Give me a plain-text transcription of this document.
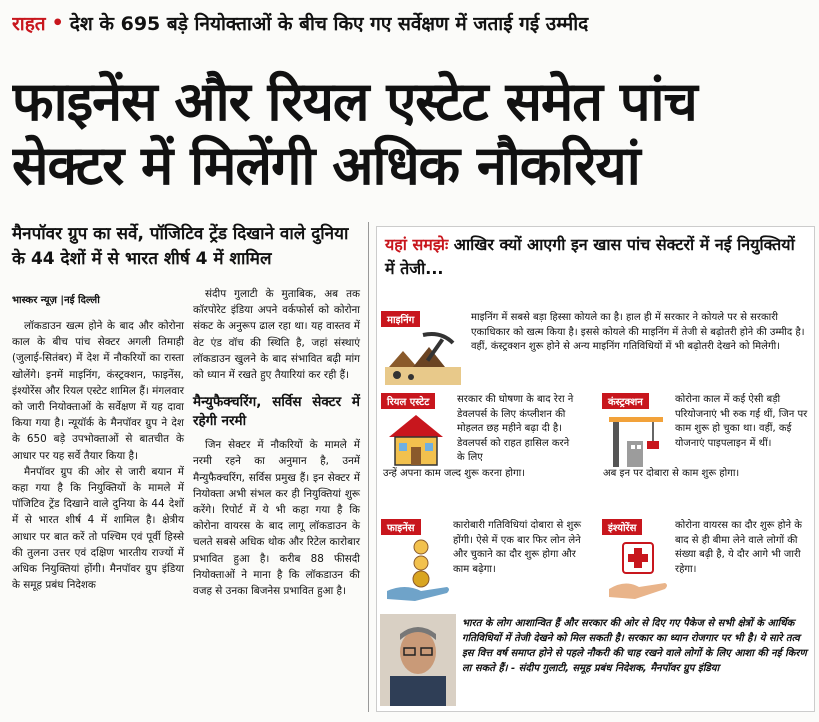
राहत • देश के 695 बड़े नियोक्ताओं के बीच किए गए सर्वेक्षण में जताई गई उम्मीद
फाइनेंस और रियल एस्टेट समेत पांच
सेक्टर में मिलेंगी अधिक नौकरियां
मैनपॉवर ग्रुप का सर्वे, पॉजिटिव ट्रेंड दिखाने वाले दुनिया के 44 देशों में से भारत शीर्ष 4 में शामिल
भास्कर न्यूज़ |नई दिल्ली

लॉकडाउन खत्म होने के बाद और कोरोना काल के बीच पांच सेक्टर अगली तिमाही (जुलाई-सितंबर) में देश में नौकरियों का रास्ता खोलेंगे। इनमें माइनिंग, कंस्ट्रक्शन, फाइनेंस, इंश्योरेंस और रियल एस्टेट शामिल हैं। मंगलवार को जारी नियोक्ताओं के सर्वेक्षण में यह दावा किया गया है। न्यूयॉर्क के मैनपॉवर ग्रुप ने देश के 650 बड़े उपभोक्ताओं से बातचीत के आधार पर यह सर्वे तैयार किया है।

मैनपॉवर ग्रुप की ओर से जारी बयान में कहा गया है कि नियुक्तियों के मामले में पॉजिटिव ट्रेंड दिखाने वाले दुनिया के 44 देशों में से भारत शीर्ष 4 में शामिल है। क्षेत्रीय आधार पर बात करें तो पश्चिम एवं पूर्वी हिस्से की तुलना उत्तर एवं दक्षिण भारतीय राज्यों में अधिक नियुक्तियां होंगी। मैनपॉवर ग्रुप इंडिया के समूह प्रबंध निदेशक

संदीप गुलाटी के मुताबिक, अब तक कॉरपोरेट इंडिया अपने वर्कफोर्स को कोरोना संकट के अनुरूप ढाल रहा था। यह वास्तव में वेट एंड वॉच की स्थिति है, जहां संस्थाएं लॉकडाउन खुलने के बाद संभावित बढ़ी मांग को ध्यान में रखते हुए तैयारियां कर रही हैं।

मैन्युफैक्चरिंग, सर्विस सेक्टर में रहेगी नरमी

जिन सेक्टर में नौकरियों के मामले में नरमी रहने का अनुमान है, उनमें मैन्युफैक्चरिंग, सर्विस प्रमुख हैं। इन सेक्टर में नियोक्ता अभी संभल कर ही नियुक्तियां शुरू करेंगे। रिपोर्ट में ये भी कहा गया है कि कोरोना वायरस के बाद लागू लॉकडाउन के चलते सबसे अधिक थोक और रिटेल कारोबार प्रभावित हुआ है। करीब 88 फीसदी नियोक्ताओं ने माना है कि लॉकडाउन की वजह से उनका बिजनेस प्रभावित हुआ है।

यहां समझेः आखिर क्यों आएगी इन खास पांच सेक्टरों में नई नियुक्तियों में तेजी...
माइनिंग	माइनिंग में सबसे बड़ा हिस्सा कोयले का है। हाल ही में सरकार ने कोयले पर से सरकारी एकाधिकार को खत्म किया है। इससे कोयले की माइनिंग में तेजी से बढ़ोतरी होने की उम्मीद है। वहीं, कंस्ट्रक्शन शुरू होने से अन्य माइनिंग गतिविधियों में भी बढ़ोतरी देखने को मिलेगी।
रियल एस्टेट	सरकार की घोषणा के बाद रेरा ने डेवलपर्स के लिए कंप्लीशन की मोहलत छह महीने बढ़ा दी है। डेवलपर्स को राहत हासिल करने के लिए
उन्हें अपना काम जल्द शुरू करना होगा।
कंस्ट्रक्शन	कोरोना काल में कई ऐसी बड़ी परियोजनाएं भी रुक गई थीं, जिन पर काम शुरू हो चुका था। वहीं, कई योजनाएं पाइपलाइन में थीं।
अब इन पर दोबारा से काम शुरू होगा।
फाइनेंस	कारोबारी गतिविधियां दोबारा से शुरू होंगी। ऐसे में एक बार फिर लोन लेने और चुकाने का दौर शुरू होगा और काम बढ़ेगा।
इंश्योरेंस	कोरोना वायरस का दौर शुरू होने के बाद से ही बीमा लेने वाले लोगों की संख्या बढ़ी है, ये दौर आगे भी जारी रहेगा।
भारत के लोग आशान्वित हैं और सरकार की ओर से दिए गए पैकेज से सभी क्षेत्रों के आर्थिक गतिविधियों में तेजी देखने को मिल सकती है। सरकार का ध्यान रोजगार पर भी है। ये सारे तत्व इस वित्त वर्ष समाप्त होने से पहले नौकरी की चाह रखने वाले लोगों के लिए आशा की नई किरण ला सकते हैं। - संदीप गुलाटी, समूह प्रबंध निदेशक, मैनपॉवर ग्रुप इंडिया
